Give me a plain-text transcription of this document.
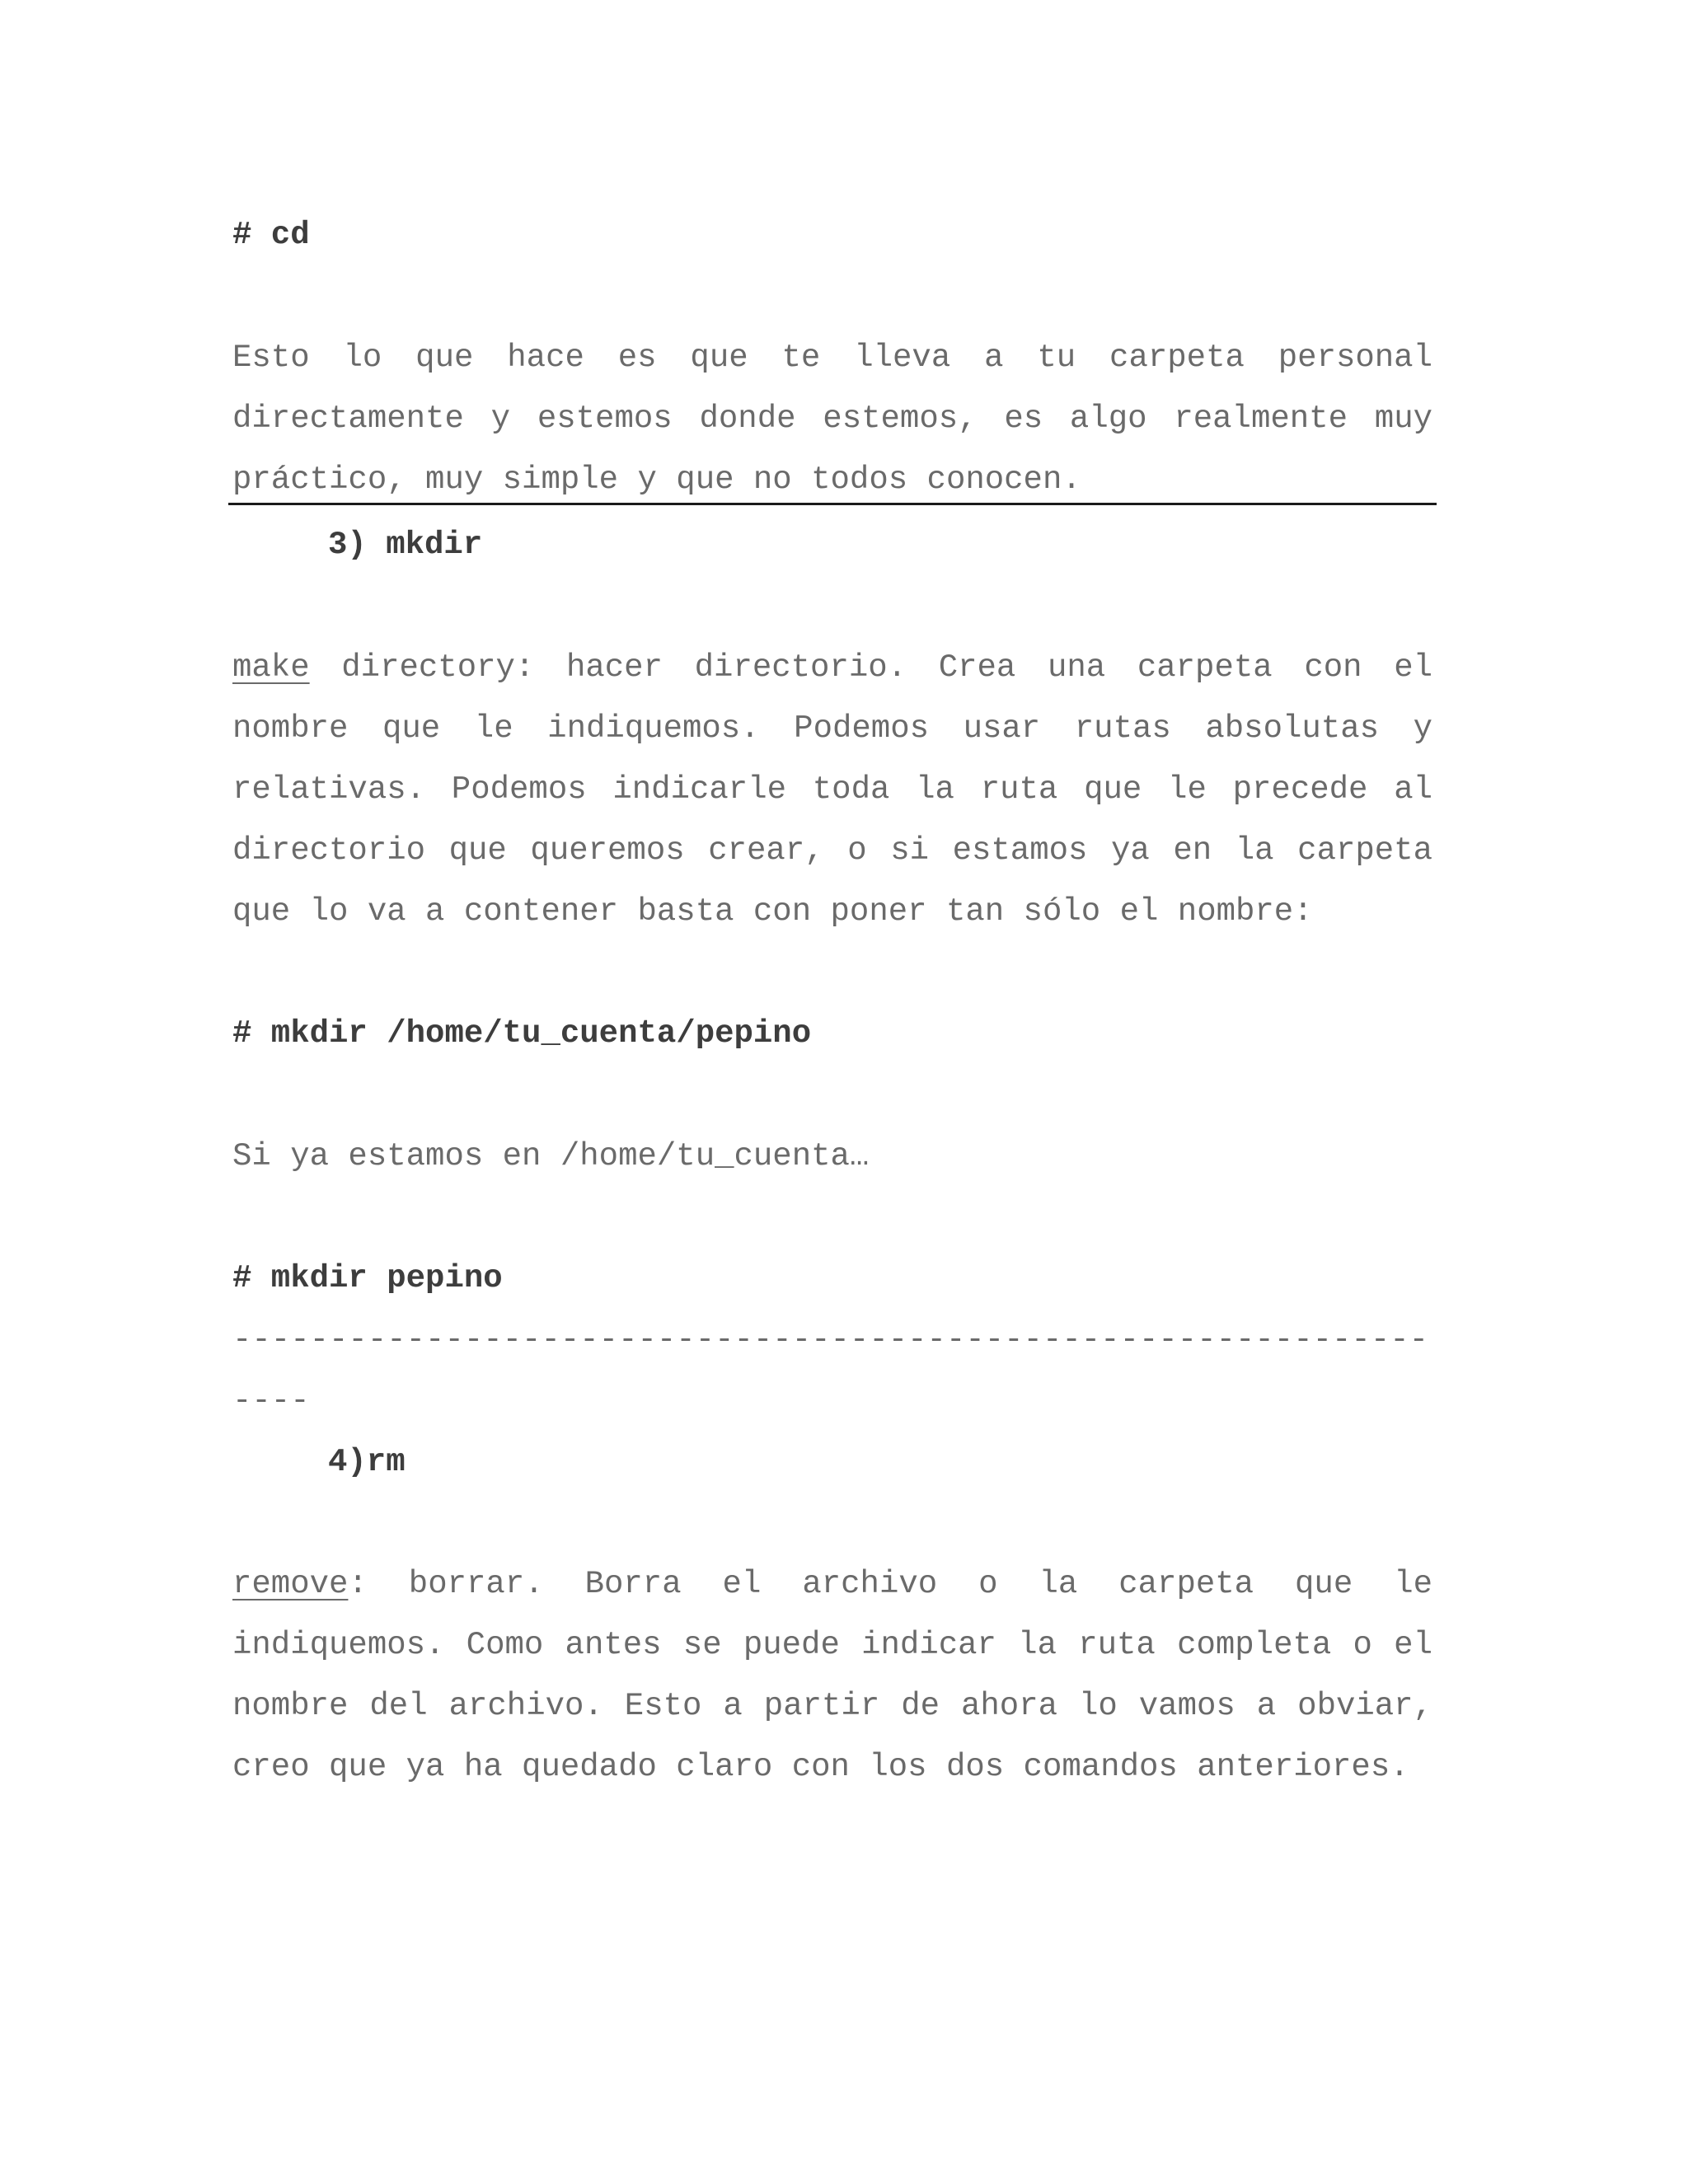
# cd

Esto lo que hace es que te lleva a tu carpeta personal directamente y estemos donde estemos, es algo realmente muy práctico, muy simple y que no todos conocen.

3) mkdir

make directory: hacer directorio. Crea una carpeta con el nombre que le indiquemos. Podemos usar rutas absolutas y relativas. Podemos indicarle toda la ruta que le precede al directorio que queremos crear, o si estamos ya en la carpeta que lo va a contener basta con poner tan sólo el nombre:

# mkdir /home/tu_cuenta/pepino
Si ya estamos en /home/tu_cuenta…
# mkdir pepino
--------------------------------------------------------------
----
4)rm

remove: borrar. Borra el archivo o la carpeta que le indiquemos. Como antes se puede indicar la ruta completa o el nombre del archivo. Esto a partir de ahora lo vamos a obviar, creo que ya ha quedado claro con los dos comandos anteriores.
